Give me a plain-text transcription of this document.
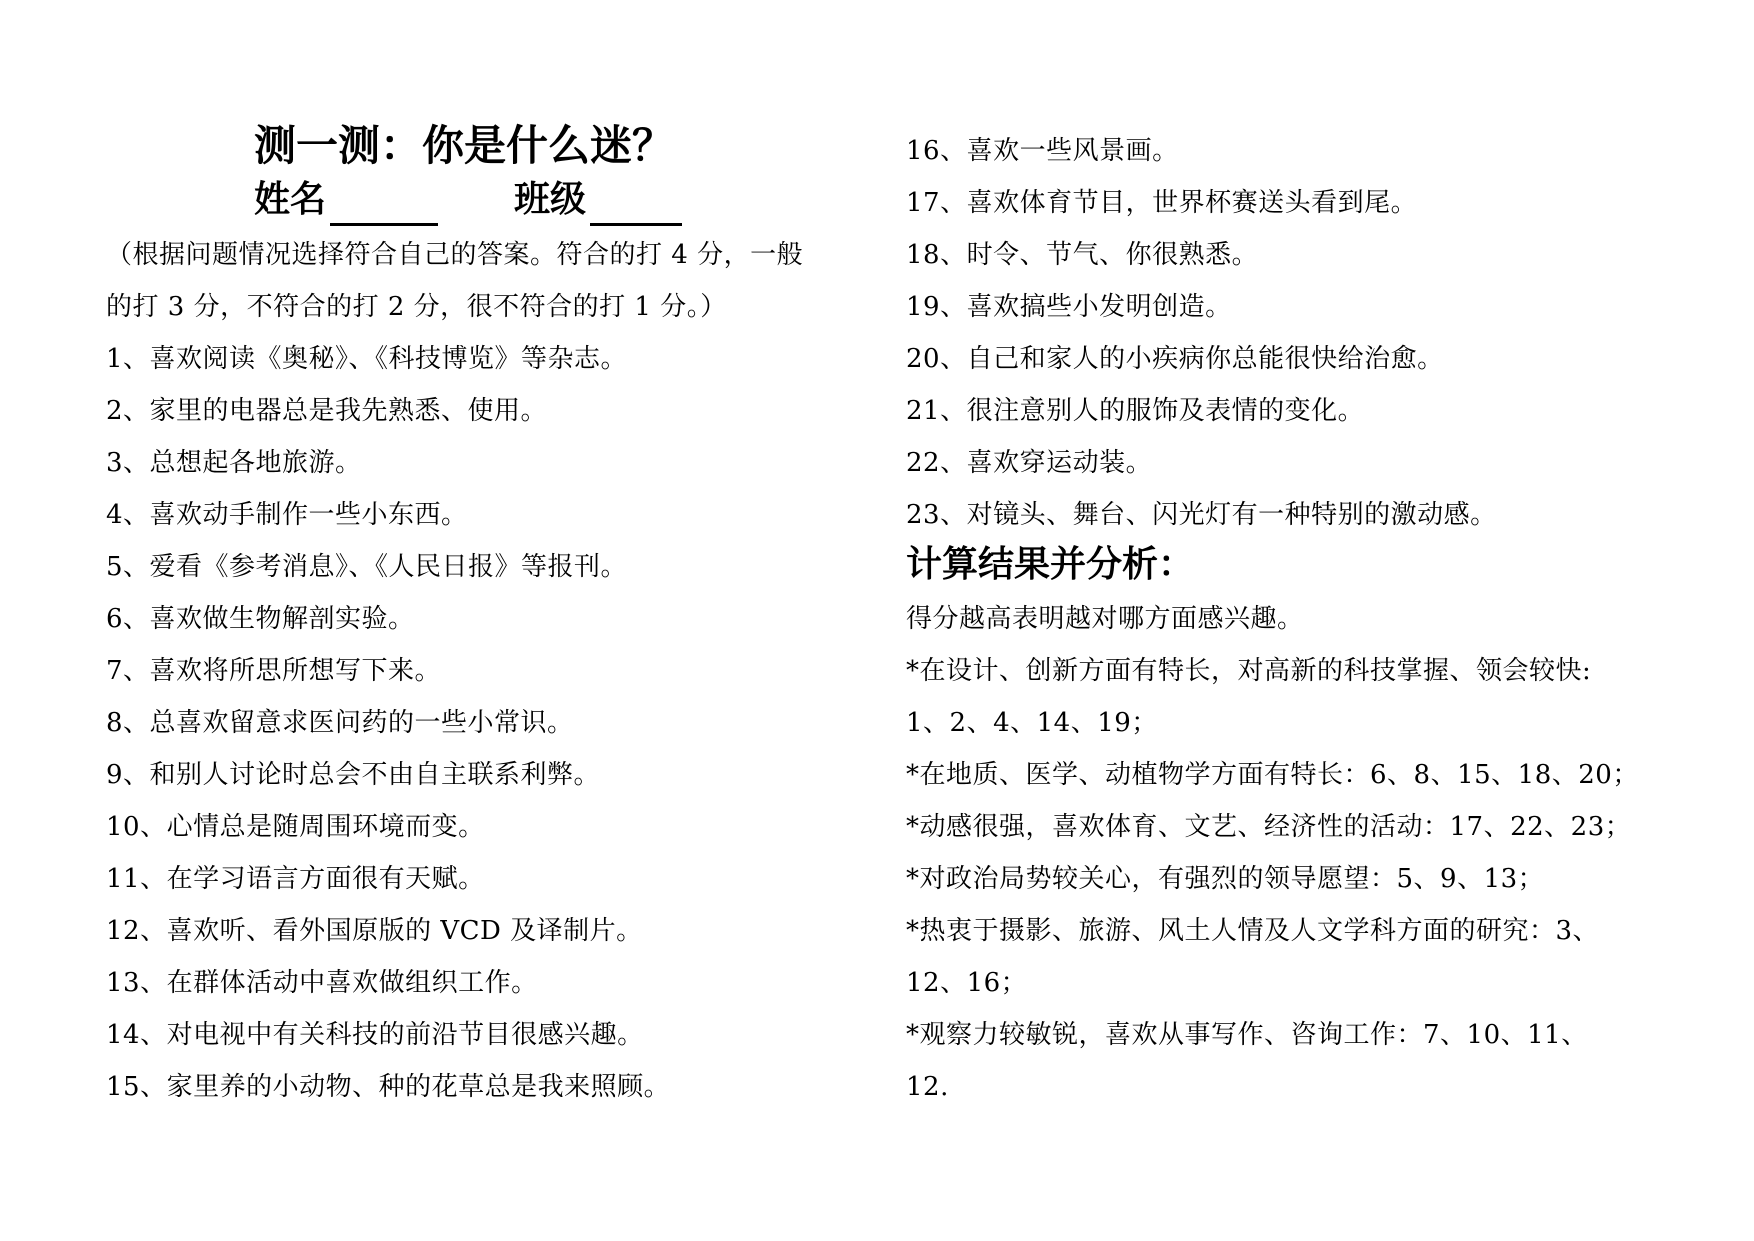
测一测：你是什么迷？
姓名	班级
（根据问题情况选择符合自己的答案。符合的打 4 分，一般
的打 3 分，不符合的打 2 分，很不符合的打 1 分。）
1、喜欢阅读《奥秘》、《科技博览》等杂志。
2、家里的电器总是我先熟悉、使用。
3、总想起各地旅游。
4、喜欢动手制作一些小东西。
5、爱看《参考消息》、《人民日报》等报刊。
6、喜欢做生物解剖实验。
7、喜欢将所思所想写下来。
8、总喜欢留意求医问药的一些小常识。
9、和别人讨论时总会不由自主联系利弊。
10、心情总是随周围环境而变。
11、在学习语言方面很有天赋。
12、喜欢听、看外国原版的 VCD 及译制片。
13、在群体活动中喜欢做组织工作。
14、对电视中有关科技的前沿节目很感兴趣。
15、家里养的小动物、种的花草总是我来照顾。
16、喜欢一些风景画。
17、喜欢体育节目，世界杯赛送头看到尾。
18、时令、节气、你很熟悉。
19、喜欢搞些小发明创造。
20、自己和家人的小疾病你总能很快给治愈。
21、很注意别人的服饰及表情的变化。
22、喜欢穿运动装。
23、对镜头、舞台、闪光灯有一种特别的激动感。
计算结果并分析：
得分越高表明越对哪方面感兴趣。
*在设计、创新方面有特长，对高新的科技掌握、领会较快:
1、2、4、14、19；
*在地质、医学、动植物学方面有特长：6、8、15、18、20；
*动感很强，喜欢体育、文艺、经济性的活动：17、22、23；
*对政治局势较关心，有强烈的领导愿望：5、9、13；
*热衷于摄影、旅游、风土人情及人文学科方面的研究：3、
12、16；
*观察力较敏锐，喜欢从事写作、咨询工作：7、10、11、
12.
